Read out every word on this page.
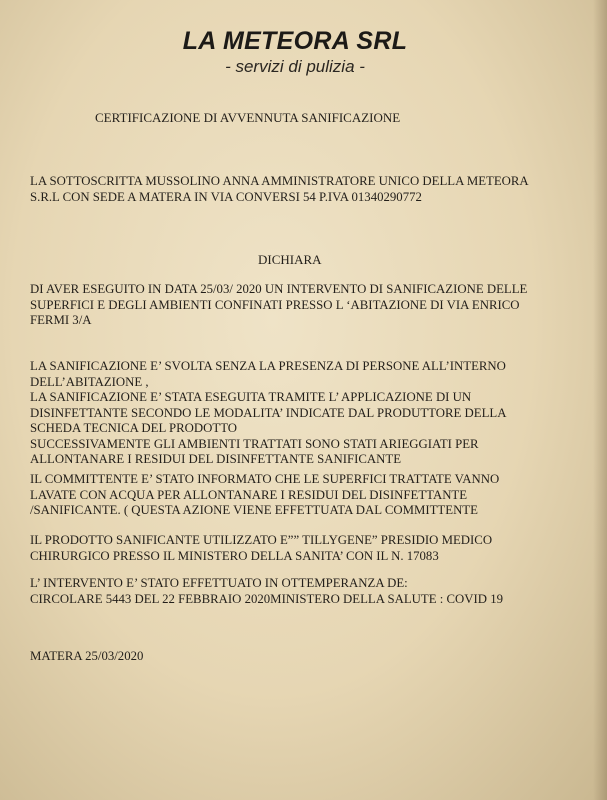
LA METEORA SRL
- servizi di pulizia -
CERTIFICAZIONE DI AVVENNUTA SANIFICAZIONE
LA SOTTOSCRITTA MUSSOLINO ANNA AMMINISTRATORE UNICO DELLA METEORA
S.R.L CON SEDE A MATERA IN VIA CONVERSI 54 P.IVA 01340290772
DICHIARA
DI AVER ESEGUITO IN DATA 25/03/ 2020 UN INTERVENTO DI SANIFICAZIONE DELLE
SUPERFICI E DEGLI AMBIENTI CONFINATI PRESSO L ‘ABITAZIONE DI VIA ENRICO
FERMI 3/A
LA SANIFICAZIONE E’ SVOLTA SENZA LA PRESENZA DI PERSONE ALL’INTERNO
DELL’ABITAZIONE ,
LA SANIFICAZIONE E’ STATA ESEGUITA TRAMITE L’ APPLICAZIONE DI UN
DISINFETTANTE SECONDO LE MODALITA’ INDICATE DAL PRODUTTORE DELLA
SCHEDA TECNICA DEL PRODOTTO
SUCCESSIVAMENTE GLI AMBIENTI TRATTATI SONO STATI ARIEGGIATI PER
ALLONTANARE I RESIDUI DEL DISINFETTANTE SANIFICANTE
IL COMMITTENTE E’ STATO INFORMATO CHE LE SUPERFICI TRATTATE VANNO
LAVATE CON ACQUA PER ALLONTANARE I RESIDUI DEL DISINFETTANTE
/SANIFICANTE. ( QUESTA AZIONE VIENE EFFETTUATA DAL COMMITTENTE
IL PRODOTTO SANIFICANTE UTILIZZATO E”” TILLYGENE” PRESIDIO MEDICO
CHIRURGICO PRESSO IL MINISTERO DELLA SANITA’ CON IL N. 17083
L’ INTERVENTO E’ STATO EFFETTUATO IN OTTEMPERANZA DE:
CIRCOLARE 5443 DEL 22 FEBBRAIO 2020MINISTERO DELLA SALUTE : COVID 19
MATERA 25/03/2020
